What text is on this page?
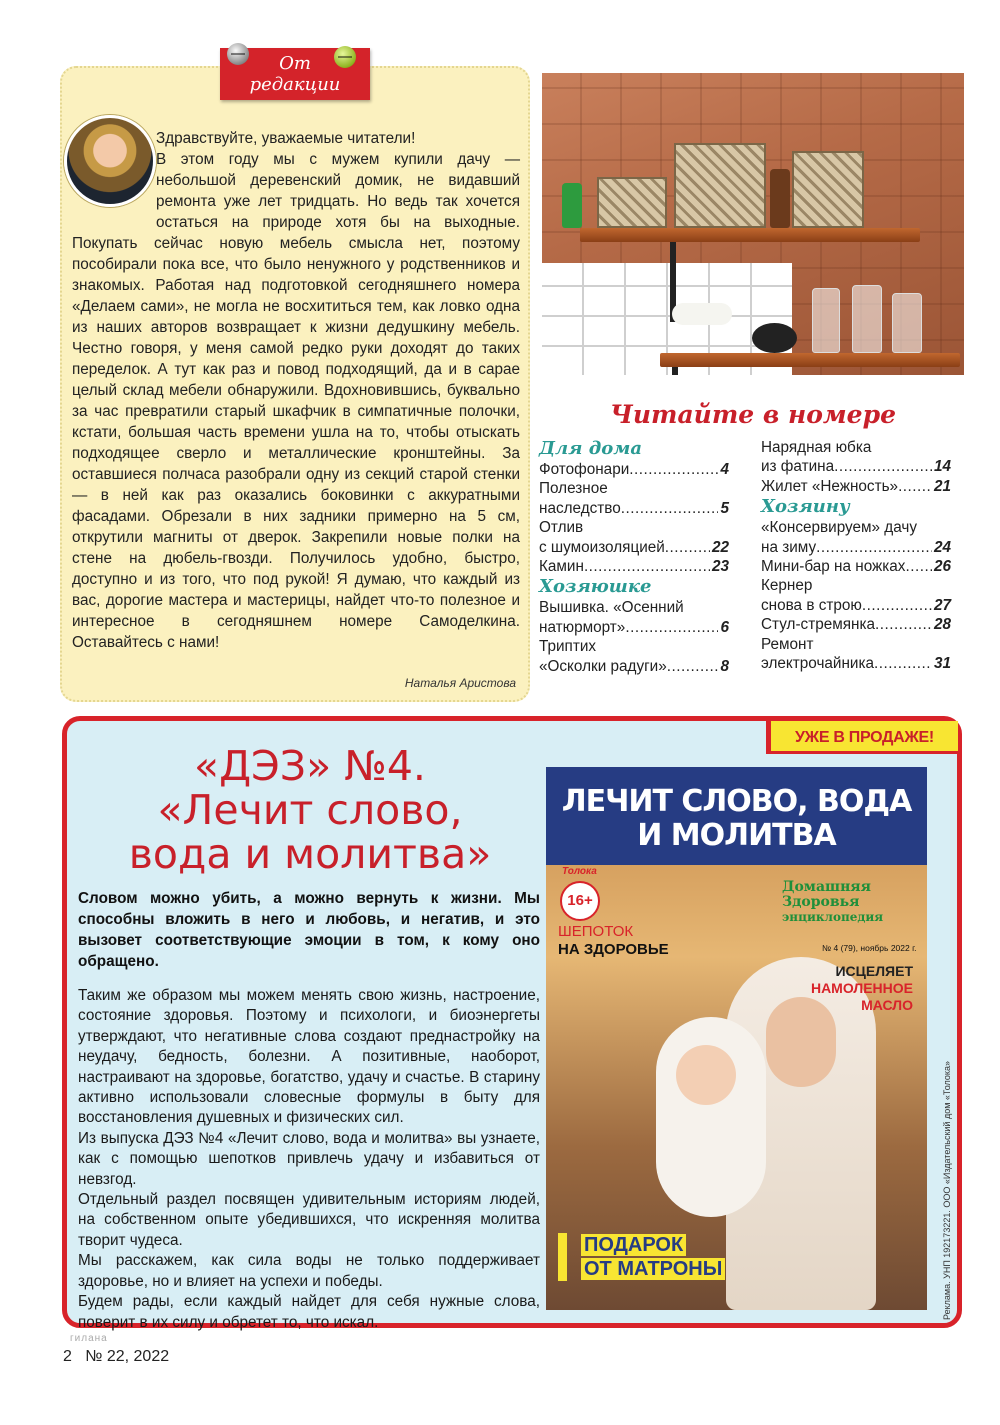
От
редакции

Здравствуйте, уважаемые читатели!

В этом году мы с мужем купили дачу — небольшой деревенский домик, не видавший ремонта уже лет тридцать. Но ведь так хочется остаться на природе хотя бы на выходные. Покупать сейчас новую мебель смысла нет, поэтому пособирали пока все, что было ненужного у родственников и знакомых. Работая над подготовкой сегодняшнего номера «Делаем сами», не могла не восхититься тем, как ловко одна из наших авторов возвращает к жизни дедушкину мебель. Честно говоря, у меня самой редко руки доходят до таких переделок. А тут как раз и повод подходящий, да и в сарае целый склад мебели обнаружили. Вдохновившись, буквально за час превратили старый шкафчик в симпатичные полочки, кстати, большая часть времени ушла на то, чтобы отыскать подходящее сверло и металлические кронштейны. За оставшиеся полчаса разобрали одну из секций старой стенки — в ней как раз оказались боковинки с аккуратными фасадами. Обрезали в них задники примерно на 5 см, открутили магниты от дверок. Закрепили новые полки на стене на дюбель-гвозди. Получилось удобно, быстро, доступно и из того, что под рукой! Я думаю, что каждый из вас, дорогие мастера и мастерицы, найдет что-то полезное и интересное в сегодняшнем номере Самоделкина. Оставайтесь с нами!

Наталья Аристова
Читайте в номере
Для дома
Фотофонари .....	4
Полезное
наследство .....	5
Отлив
с шумоизоляцией .....	22
Камин .....	23
Хозяюшке
Вышивка. «Осенний
натюрморт» .....	6
Триптих
«Осколки радуги» .....	8
Нарядная юбка
из фатина .....	14
Жилет «Нежность» ..... 21
Хозяину
«Консервируем» дачу
на зиму .....	24
Мини-бар на ножках ..... 26
Кернер
снова в строю .....	27
Стул-стремянка .....	28
Ремонт
электрочайника .....	31
УЖЕ В ПРОДАЖЕ!
«ДЭЗ» №4.
«Лечит слово,
вода и молитва»
Словом можно убить, а можно вернуть к жизни. Мы способны вложить в него и любовь, и негатив, и это вызовет соответствующие эмоции в том, к кому оно обращено.

Таким же образом мы можем менять свою жизнь, настроение, состояние здоровья. Поэтому и психологи, и биоэнергеты утверждают, что негативные слова создают преднастройку на неудачу, бедность, болезни. А позитивные, наоборот, настраивают на здоровье, богатство, удачу и счастье. В старину активно использовали словесные формулы в быту для восстановления душевных и физических сил.

Из выпуска ДЭЗ №4 «Лечит слово, вода и молитва» вы узнаете, как с помощью шепотков привлечь удачу и избавиться от невзгод.

Отдельный раздел посвящен удивительным историям людей, на собственном опыте убедившихся, что искренняя молитва творит чудеса.

Мы расскажем, как сила воды не только поддерживает здоровье, но и влияет на успехи и победы.

Будем рады, если каждый найдет для себя нужные слова, поверит в их силу и обретет то, что искал.

ЛЕЧИТ СЛОВО, ВОДА
И МОЛИТВА
Толока
16+
Домашняя
Здоровья
энциклопедия
№ 4 (79), ноябрь 2022 г.
ШЕПОТОК
НА ЗДОРОВЬЕ
ИСЦЕЛЯЕТ
НАМОЛЕННОЕ
МАСЛО
ПОДАРОК
ОТ МАТРОНЫ	Реклама. УНП 192173221. ООО «Издательский дом «Толока»
гилана
2   № 22, 2022
